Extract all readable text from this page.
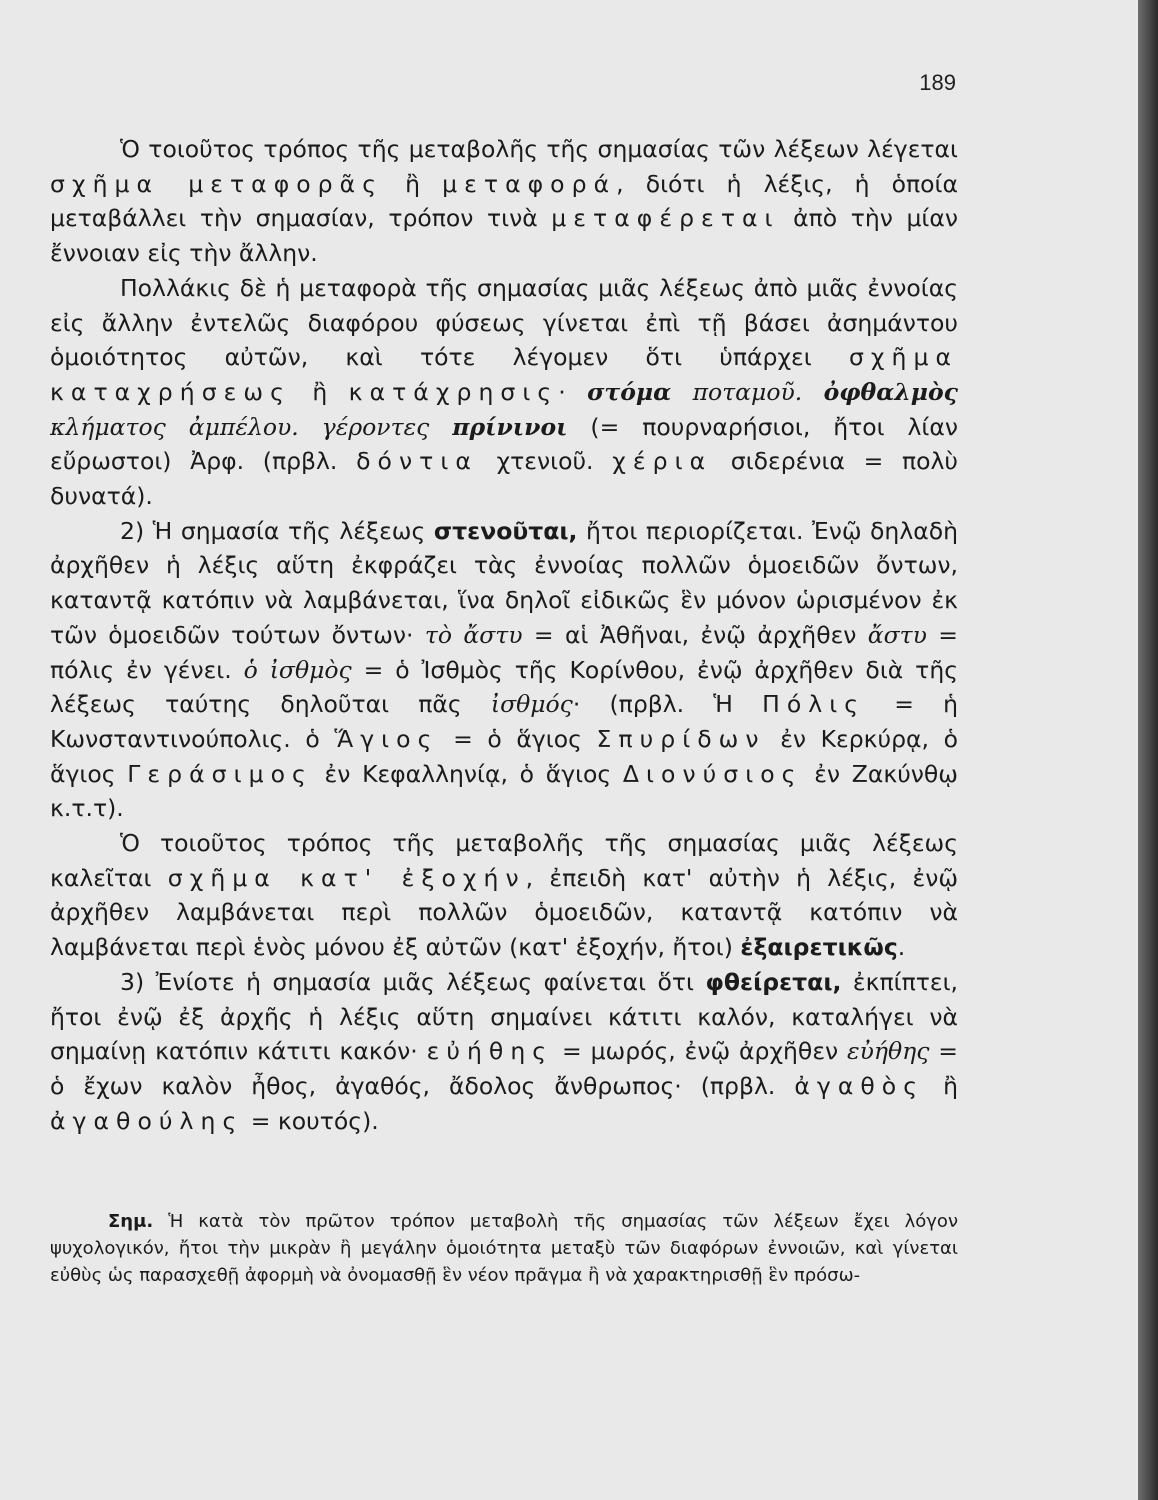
189

Ὁ τοιοῦτος τρόπος τῆς μεταβολῆς τῆς σημασίας τῶν λέξεων λέγεται σχῆμα μεταφορᾶς ἢ μεταφορά, διότι ἡ λέξις, ἡ ὁποία μεταβάλλει τὴν σημασίαν, τρόπον τινὰ μεταφέρεται ἀπὸ τὴν μίαν ἔννοιαν εἰς τὴν ἄλλην.

Πολλάκις δὲ ἡ μεταφορὰ τῆς σημασίας μιᾶς λέξεως ἀπὸ μιᾶς ἐννοίας εἰς ἄλλην ἐντελῶς διαφόρου φύσεως γίνεται ἐπὶ τῇ βάσει ἀσημάντου ὁμοιότητος αὐτῶν, καὶ τότε λέγομεν ὅτι ὑπάρχει σχῆμα καταχρήσεως ἢ κατάχρησις· στόμα ποταμοῦ. ὀφθαλμὸς κλήματος ἀμπέλου. γέροντες πρίνινοι (= πουρναρήσιοι, ἤτοι λίαν εὔρωστοι) Ἀρφ. (πρβλ. δόντια χτενιοῦ. χέρια σιδερένια = πολὺ δυνατά).

2) Ἡ σημασία τῆς λέξεως στενοῦται, ἤτοι περιορίζεται. Ἐνῷ δηλαδὴ ἀρχῆθεν ἡ λέξις αὕτη ἐκφράζει τὰς ἐννοίας πολλῶν ὁμοειδῶν ὄντων, καταντᾷ κατόπιν νὰ λαμβάνεται, ἵνα δηλοῖ εἰδικῶς ἓν μόνον ὡρισμένον ἐκ τῶν ὁμοειδῶν τούτων ὄντων· τὸ ἄστυ = αἱ Ἀθῆναι, ἐνῷ ἀρχῆθεν ἄστυ = πόλις ἐν γένει. ὁ ἰσθμὸς = ὁ Ἰσθμὸς τῆς Κορίνθου, ἐνῷ ἀρχῆθεν διὰ τῆς λέξεως ταύτης δηλοῦται πᾶς ἰσθμός· (πρβλ. Ἡ Πόλις = ἡ Κωνσταντινούπολις. ὁ Ἅγιος = ὁ ἅγιος Σπυρίδων ἐν Κερκύρᾳ, ὁ ἅγιος Γεράσιμος ἐν Κεφαλληνίᾳ, ὁ ἅγιος Διονύσιος ἐν Ζακύνθῳ κ.τ.τ).

Ὁ τοιοῦτος τρόπος τῆς μεταβολῆς τῆς σημασίας μιᾶς λέξεως καλεῖται σχῆμα κατ' ἐξοχήν, ἐπειδὴ κατ' αὐτὴν ἡ λέξις, ἐνῷ ἀρχῆθεν λαμβάνεται περὶ πολλῶν ὁμοειδῶν, καταντᾷ κατόπιν νὰ λαμβάνεται περὶ ἑνὸς μόνου ἐξ αὐτῶν (κατ' ἐξοχήν, ἤτοι) ἐξαιρετικῶς.

3) Ἐνίοτε ἡ σημασία μιᾶς λέξεως φαίνεται ὅτι φθείρεται, ἐκπίπτει, ἤτοι ἐνῷ ἐξ ἀρχῆς ἡ λέξις αὕτη σημαίνει κάτιτι καλόν, καταλήγει νὰ σημαίνῃ κατόπιν κάτιτι κακόν· εὐήθης = μωρός, ἐνῷ ἀρχῆθεν εὐήθης = ὁ ἔχων καλὸν ἦθος, ἀγαθός, ἄδολος ἄνθρωπος· (πρβλ. ἀγαθὸς ἢ ἀγαθούλης = κουτός).

Σημ. Ἡ κατὰ τὸν πρῶτον τρόπον μεταβολὴ τῆς σημασίας τῶν λέξεων ἔχει λόγον ψυχολογικόν, ἤτοι τὴν μικρὰν ἢ μεγάλην ὁμοιότητα μεταξὺ τῶν διαφόρων ἐννοιῶν, καὶ γίνεται εὐθὺς ὡς παρασχεθῇ ἀφορμὴ νὰ ὀνομασθῇ ἓν νέον πρᾶγμα ἢ νὰ χαρακτηρισθῇ ἓν πρόσω-
